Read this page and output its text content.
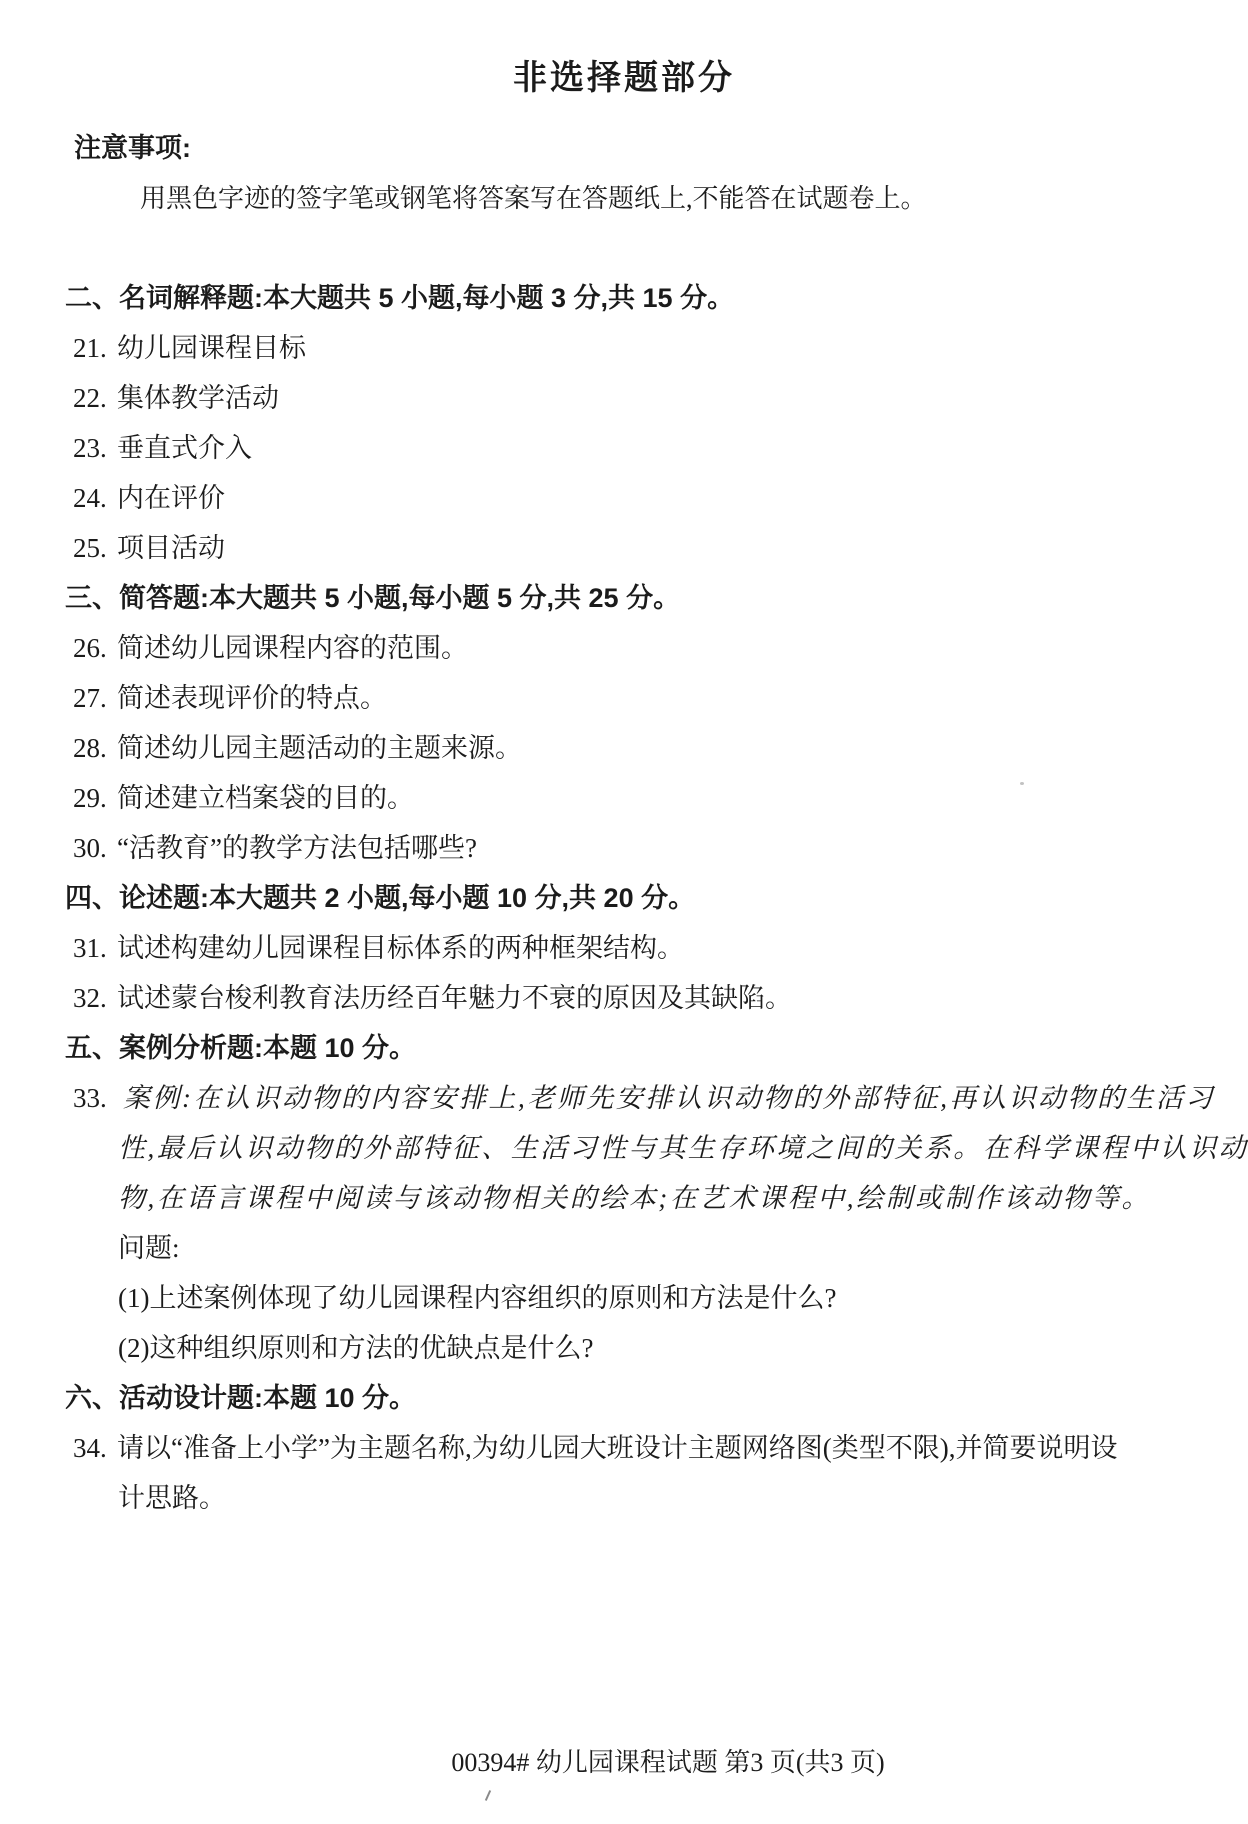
非选择题部分
注意事项:
用黑色字迹的签字笔或钢笔将答案写在答题纸上,不能答在试题卷上。
二、名词解释题:本大题共 5 小题,每小题 3 分,共 15 分。
21. 幼儿园课程目标
22. 集体教学活动
23. 垂直式介入
24. 内在评价
25. 项目活动
三、简答题:本大题共 5 小题,每小题 5 分,共 25 分。
26. 简述幼儿园课程内容的范围。
27. 简述表现评价的特点。
28. 简述幼儿园主题活动的主题来源。
29. 简述建立档案袋的目的。
30. “活教育”的教学方法包括哪些?
四、论述题:本大题共 2 小题,每小题 10 分,共 20 分。
31. 试述构建幼儿园课程目标体系的两种框架结构。
32. 试述蒙台梭利教育法历经百年魅力不衰的原因及其缺陷。
五、案例分析题:本题 10 分。
33. 案例:在认识动物的内容安排上,老师先安排认识动物的外部特征,再认识动物的生活习
性,最后认识动物的外部特征、生活习性与其生存环境之间的关系。在科学课程中认识动
物,在语言课程中阅读与该动物相关的绘本;在艺术课程中,绘制或制作该动物等。
问题:
(1)上述案例体现了幼儿园课程内容组织的原则和方法是什么?
(2)这种组织原则和方法的优缺点是什么?
六、活动设计题:本题 10 分。
34. 请以“准备上小学”为主题名称,为幼儿园大班设计主题网络图(类型不限),并简要说明设
计思路。
00394# 幼儿园课程试题 第3 页(共3 页)
